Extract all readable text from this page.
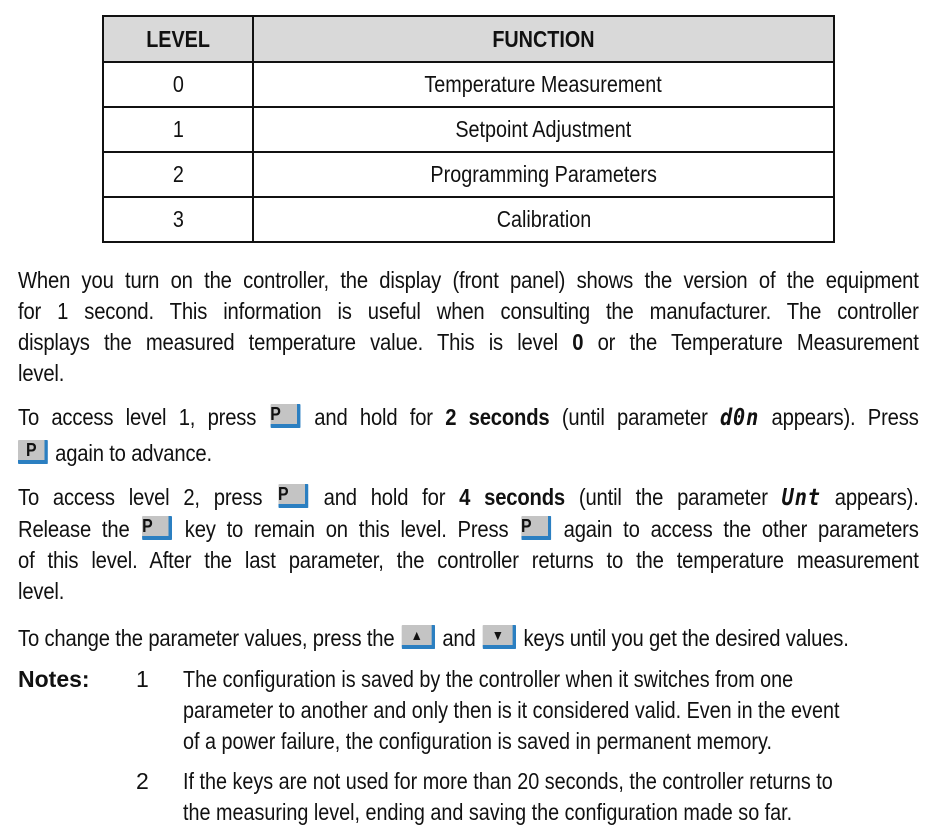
LEVEL	FUNCTION
0	Temperature Measurement
1	Setpoint Adjustment
2	Programming Parameters
3	Calibration
When you turn on the controller, the display (front panel) shows the version of the equipment
for 1 second. This information is useful when consulting the manufacturer. The controller
displays the measured temperature value. This is level 0 or the Temperature Measurement
level.
To access level 1, press P	and hold for 2 seconds (until parameter d0n appears). Press
P again to advance.
To access level 2, press P	and hold for 4 seconds (until the parameter Unt appears).
Release the P	key to remain on this level. Press P	again to access the other parameters
of this level. After the last parameter, the controller returns to the temperature measurement
level.
To change the parameter values, press the	▲ and	▼ keys until you get the desired values.
Notes: 1 The configuration is saved by the controller when it switches from one
parameter to another and only then is it considered valid. Even in the event
of a power failure, the configuration is saved in permanent memory.
2 If the keys are not used for more than 20 seconds, the controller returns to
the measuring level, ending and saving the configuration made so far.
